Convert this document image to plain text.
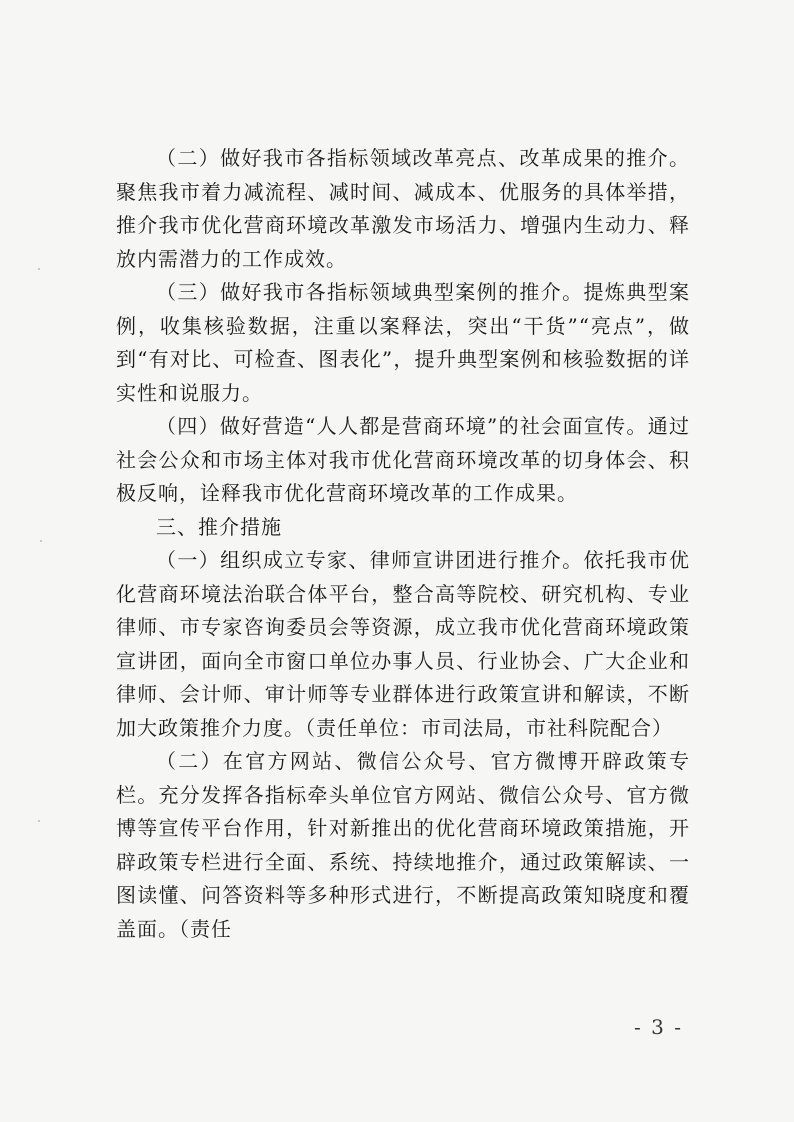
（二）做好我市各指标领域改革亮点、改革成果的推介。聚焦我市着力减流程、减时间、减成本、优服务的具体举措，推介我市优化营商环境改革激发市场活力、增强内生动力、释放内需潜力的工作成效。

（三）做好我市各指标领域典型案例的推介。提炼典型案例，收集核验数据，注重以案释法，突出“干货”“亮点”，做到“有对比、可检查、图表化”，提升典型案例和核验数据的详实性和说服力。

（四）做好营造“人人都是营商环境”的社会面宣传。通过社会公众和市场主体对我市优化营商环境改革的切身体会、积极反响，诠释我市优化营商环境改革的工作成果。

三、推介措施

（一）组织成立专家、律师宣讲团进行推介。依托我市优化营商环境法治联合体平台，整合高等院校、研究机构、专业律师、市专家咨询委员会等资源，成立我市优化营商环境政策宣讲团，面向全市窗口单位办事人员、行业协会、广大企业和律师、会计师、审计师等专业群体进行政策宣讲和解读，不断加大政策推介力度。（责任单位：市司法局，市社科院配合）

（二）在官方网站、微信公众号、官方微博开辟政策专栏。充分发挥各指标牵头单位官方网站、微信公众号、官方微博等宣传平台作用，针对新推出的优化营商环境政策措施，开辟政策专栏进行全面、系统、持续地推介，通过政策解读、一图读懂、问答资料等多种形式进行，不断提高政策知晓度和覆盖面。（责任

- 3 -
